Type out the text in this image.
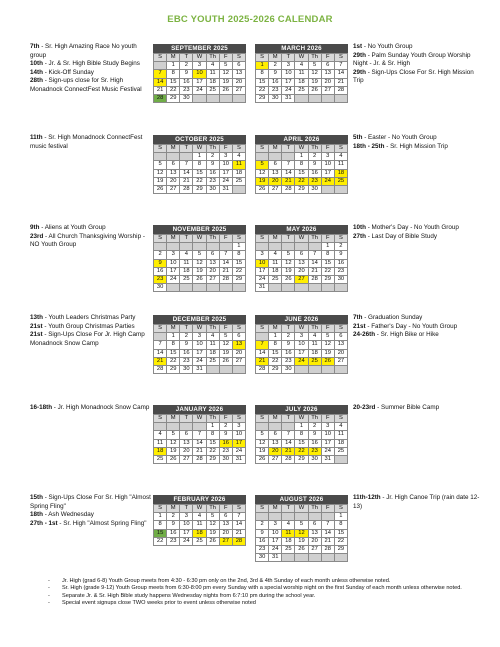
EBC YOUTH 2025-2026 CALENDAR
7th - Sr. High Amazing Race No youth group
10th - Jr. & Sr. High Bible Study Begins
14th - Kick-Off Sunday
28th - Sign-ups close for Sr. High Monadnock ConnectFest Music Festival
1st - No Youth Group
29th - Palm Sunday Youth Group Worship Night - Jr. & Sr. High
29th - Sign-Ups Close For Sr. High Mission Trip
SEPTEMBER 2025
S	M	T	W	Th	F	S
	1	2	3	4	5	6
7	8	9	10	11	12	13
14	15	16	17	18	19	20
21	22	23	24	25	26	27
28	29	30				
MARCH 2026
S	M	T	W	Th	F	S
1	2	3	4	5	6	7
8	9	10	11	12	13	14
15	16	17	18	19	20	21
22	23	24	25	26	27	28
29	30	31				
11th - Sr. High Monadnock ConnectFest music festival
5th - Easter - No Youth Group
18th - 25th - Sr. High Mission Trip
OCTOBER 2025
S	M	T	W	Th	F	S
			1	2	3	4
5	6	7	8	9	10	11
12	13	14	15	16	17	18
19	20	21	22	23	24	25
26	27	28	29	30	31	
APRIL 2026
S	M	T	W	Th	F	S
			1	2	3	4
5	6	7	8	9	10	11
12	13	14	15	16	17	18
19	20	21	22	23	24	25
26	27	28	29	30		
9th - Aliens at Youth Group
23rd - All Church Thanksgiving Worship - NO Youth Group
10th - Mother's Day - No Youth Group
27th - Last Day of Bible Study
NOVEMBER 2025
S	M	T	W	Th	F	S
						1
2	3	4	5	6	7	8
9	10	11	12	13	14	15
16	17	18	19	20	21	22
23	24	25	26	27	28	29
30						
MAY 2026
S	M	T	W	Th	F	S
					1	2
3	4	5	6	7	8	9
10	11	12	13	14	15	16
17	18	19	20	21	22	23
24	25	26	27	28	29	30
31						
13th - Youth Leaders Christmas Party
21st - Youth Group Christmas Parties
21st - Sign-Ups Close For Jr. High Camp Monadnock Snow Camp
7th - Graduation Sunday
21st - Father's Day - No Youth Group
24-26th - Sr. High Bike or Hike
DECEMBER 2025
S	M	T	W	Th	F	S
	1	2	3	4	5	6
7	8	9	10	11	12	13
14	15	16	17	18	19	20
21	22	23	24	25	26	27
28	29	30	31			
JUNE 2026
S	M	T	W	Th	F	S
	1	2	3	4	5	6
7	8	9	10	11	12	13
14	15	16	17	18	19	20
21	22	23	24	25	26	27
28	29	30				
16-18th - Jr. High Monadnock Snow Camp	20-23rd - Summer Bible Camp
JANUARY 2026
S	M	T	W	Th	F	S
				1	2	3
4	5	6	7	8	9	10
11	12	13	14	15	16	17
18	19	20	21	22	23	24
25	26	27	28	29	30	31
JULY 2026
S	M	T	W	Th	F	S
			1	2	3	4
5	6	7	8	9	10	11
12	13	14	15	16	17	18
19	20	21	22	23	24	25
26	27	28	29	30	31	
15th - Sign-Ups Close For Sr. High "Almost Spring Fling"
18th - Ash Wednesday
27th - 1st - Sr. High "Almost Spring Fling"
11th-12th - Jr. High Canoe Trip (rain date 12-13)
FEBRUARY 2026
S	M	T	W	Th	F	S
1	2	3	4	5	6	7
8	9	10	11	12	13	14
15	16	17	18	19	20	21
22	23	24	25	26	27	28
AUGUST 2026
S	M	T	W	Th	F	S
						1
2	3	4	5	6	7	8
9	10	11	12	13	14	15
16	17	18	19	20	21	22
23	24	25	26	27	28	29
30	31					
- Jr. High (grad 6-8) Youth Group meets from 4:30 - 6:30 pm only on the 2nd, 3rd & 4th Sunday of each month unless otherwise noted.
- Sr. High (grade 9-12) Youth Group meets from 6:30-8:00 pm every Sunday with a special worship night on the first Sunday of each month unless otherwise noted.
- Separate Jr. & Sr. High Bible study happens Wednesday nights from 6:7:10 pm during the school year.
- Special event signups close TWO weeks prior to event unless otherwise noted
